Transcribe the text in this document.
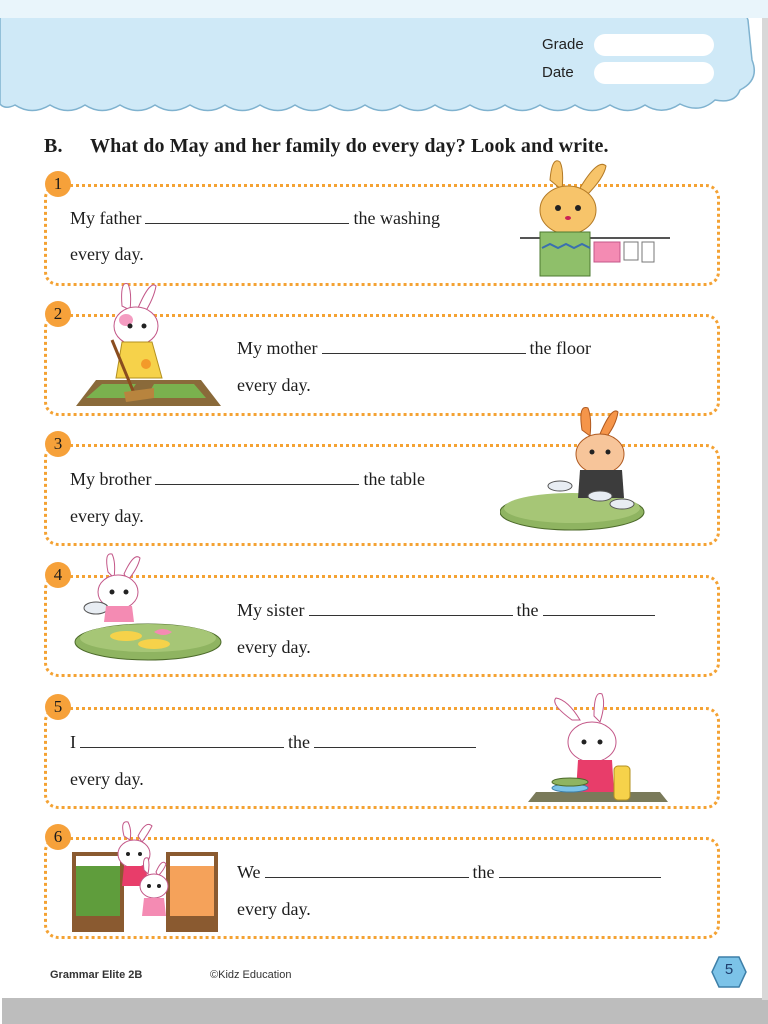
Grade
Date
B. What do May and her family do every day? Look and write.
1
My father	the washing
every day.
2
My mother	the floor
every day.
3
My brother	the table
every day.
4
My sister	the
every day.
5
I	the
every day.
6
We	the
every day.
Grammar Elite 2B	©Kidz Education	5
